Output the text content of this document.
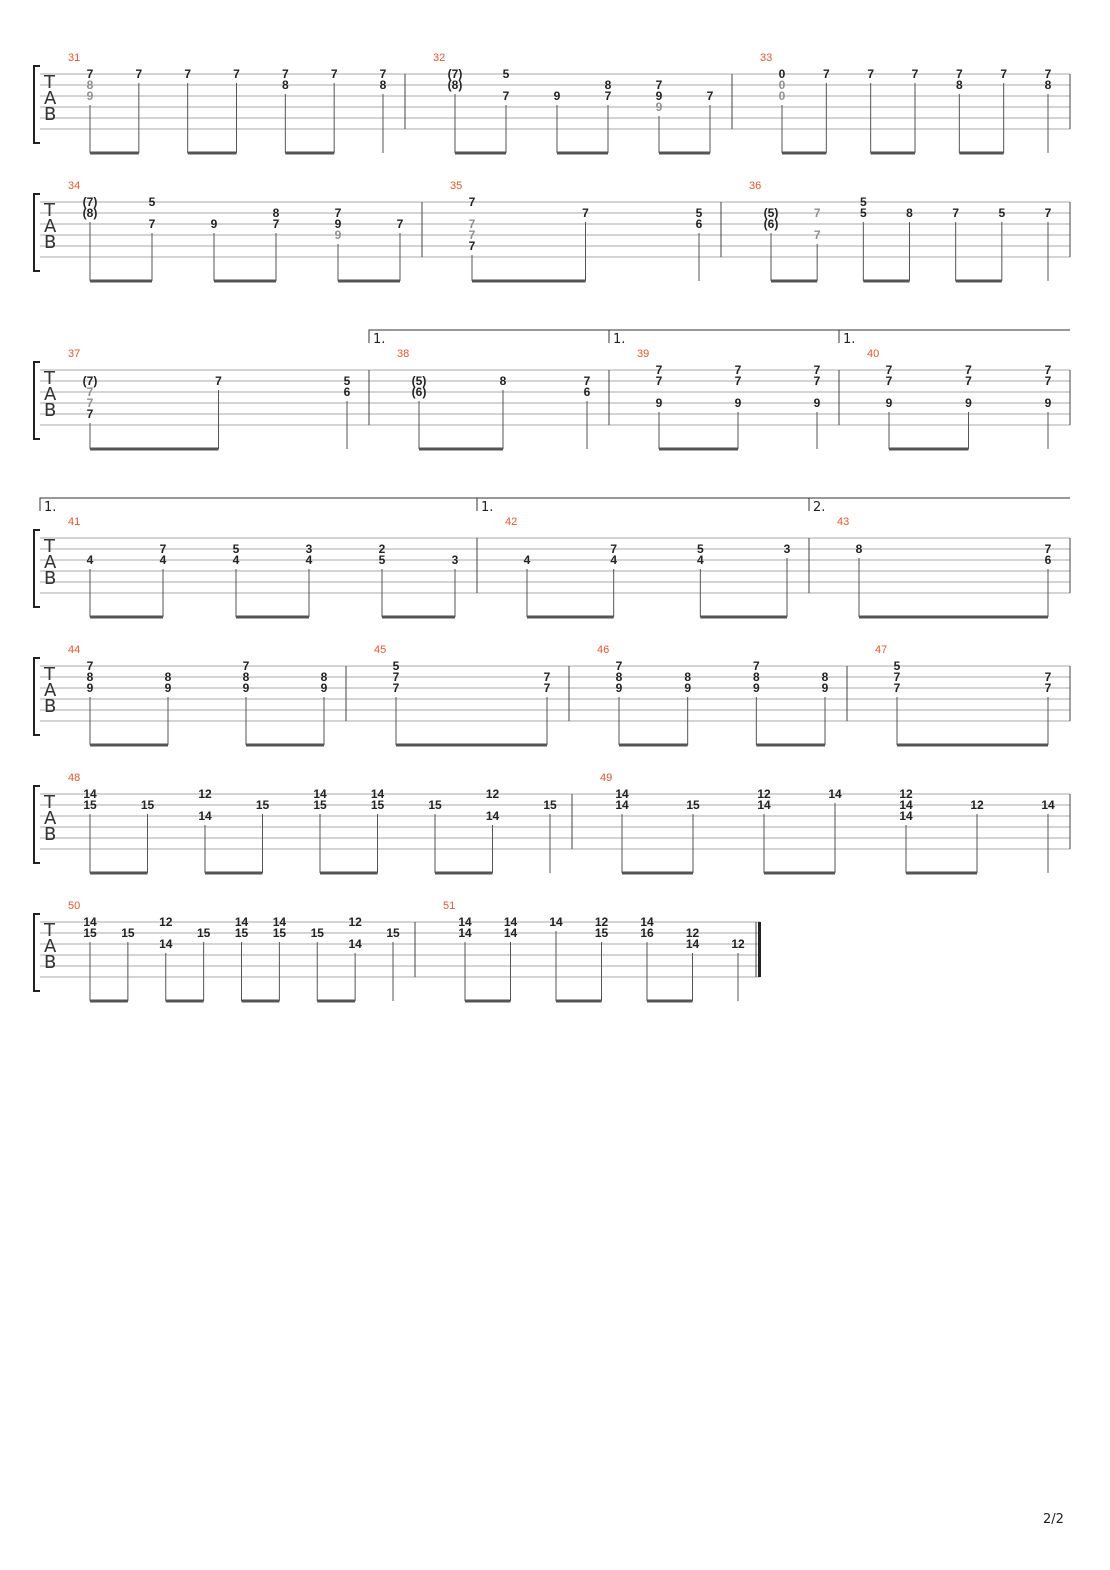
T
A
B
31
7
8
9
7	7	7	7
8
7	7
8
32
(7)
(8)
5
7	9
8
7
7
9
9
7
33
0
0
0
7	7	7	7
8
7	7
8
T
A
B
34
(7)
(8)
5
7	9
8
7
7
9
9
7
35
7
7
7
7
7	5
6
36
(5)
(6)
7
7
5
5	8	7	5	7
T
A
B
37
(7)
7
7
7
7	5
6
38
(5)
(6)
8	7
6
39
7
7
9
7
7
9
7
7
9
40
7
7
9
7
7
9
7
7
9
T
A
B
41
4
7
4
5
4
3
4
2
5	3
42
4
7
4
5
4
3
43
8	7
6
T
A
B
44
7
8
9
8
9
7
8
9
8
9
45
5
7
7
7
7
46
7
8
9
8
9
7
8
9
8
9
47
5
7
7
7
7
T
A
B
48
14
15	15
12
14
15
14
15
14
15	15
12
14
15
49
14
14	15
12
14
14	12
14
14
12	14
T
A
B
50
14
15 15
12
14
15
14
15
14
15 15
12
14
15
51
14
14
14
14
14	12
15
14
16	12
14	12
1.	1.	1.
1.	1.	2.
2/2
